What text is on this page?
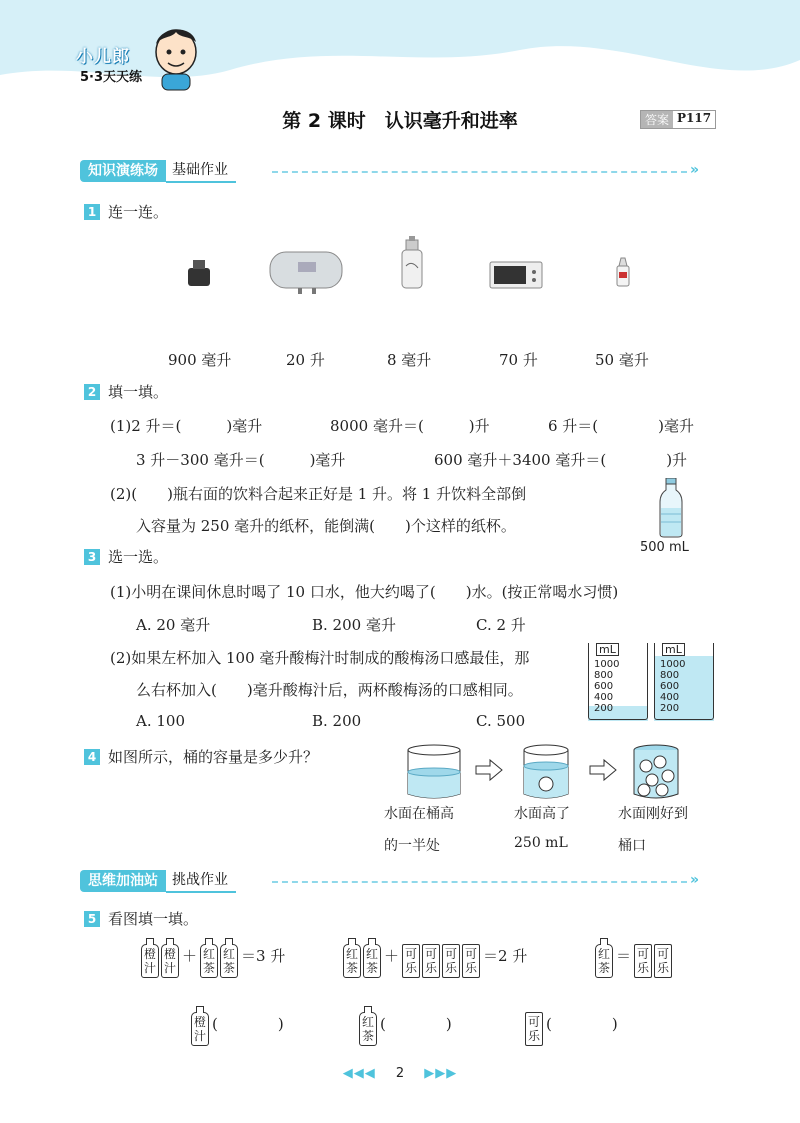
小儿郎
5·3天天练
第 2 课时　认识毫升和进率	答案 P117
知识演练场	基础作业	»
1 连一连。
900 毫升	20 升	8 毫升	70 升	50 毫升
2 填一填。
(1)2 升＝(　　　)毫升	8000 毫升＝(　　　)升	6 升＝(　　　　)毫升
3 升－300 毫升＝(　　　)毫升	600 毫升＋3400 毫升＝(　　　　)升
(2)(　　)瓶右面的饮料合起来正好是 1 升。将 1 升饮料全部倒
入容量为 250 毫升的纸杯，能倒满(　　)个这样的纸杯。
500 mL
3 选一选。
(1)小明在课间休息时喝了 10 口水，他大约喝了(　　)水。(按正常喝水习惯)
A. 20 毫升	B. 200 毫升	C. 2 升
(2)如果左杯加入 100 毫升酸梅汁时制成的酸梅汤口感最佳，那
么右杯加入(　　)毫升酸梅汁后，两杯酸梅汤的口感相同。
A. 100	B. 200	C. 500
mL
1000
800
600
400
200
mL
1000
800
600
400
200
4 如图所示，桶的容量是多少升？
水面在桶高
的一半处
水面高了
250 mL
水面刚好到
桶口
思维加油站	挑战作业	»
5 看图填一填。
橙汁
橙汁
＋ 红茶
红茶
＝3 升	红茶
红茶
＋ 可乐
可乐
可乐
可乐
＝2 升	红茶
＝ 可乐
可乐
橙汁
(　　　　)	红茶
(　　　　)	可乐
(　　　　)
◀◀◀ 2 ▶▶▶
